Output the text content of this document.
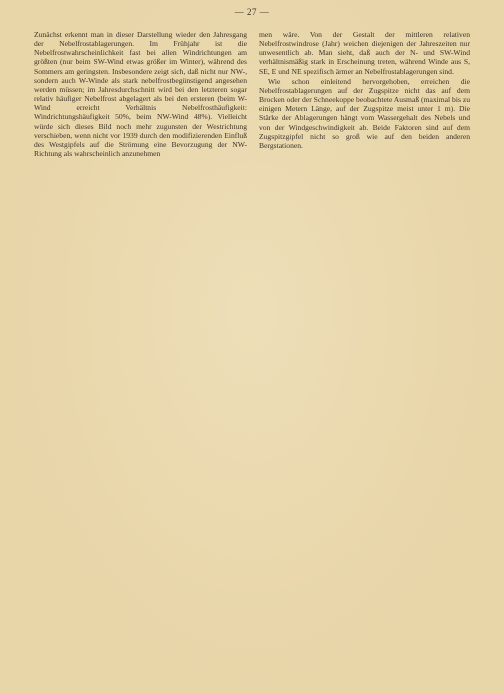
— 27 —

Zunächst erkennt man in dieser Darstellung wieder den Jahresgang der Nebelfrostablagerungen. Im Frühjahr ist die Nebelfrostwahrscheinlichkeit fast bei allen Windrichtungen am größten (nur beim SW-Wind etwas größer im Winter), während des Sommers am geringsten. Insbesondere zeigt sich, daß nicht nur NW-, sondern auch W-Winde als stark nebelfrostbegünstigend angesehen werden müssen; im Jahresdurchschnitt wird bei den letzteren sogar relativ häufiger Nebelfrost abgelagert als bei den ersteren (beim W-Wind erreicht Verhältnis Nebelfrosthäufigkeit: Windrichtungshäufigkeit 50%, beim NW-Wind 48%). Vielleicht würde sich dieses Bild noch mehr zugunsten der Westrichtung verschieben, wenn nicht vor 1939 durch den modifizierenden Einfluß des Westgipfels auf die Strömung eine Bevorzugung der NW-Richtung als wahrscheinlich anzunehmen

men wäre. Von der Gestalt der mittleren relativen Nebelfrostwindrose (Jahr) weichen diejenigen der Jahreszeiten nur unwesentlich ab. Man sieht, daß auch der N- und SW-Wind verhältnismäßig stark in Erscheinung treten, während Winde aus S, SE, E und NE spezifisch ärmer an Nebelfrostablagerungen sind.

Wie schon einleitend hervorgehoben, erreichen die Nebelfrostablagerungen auf der Zugspitze nicht das auf dem Brocken oder der Schneekoppe beobachtete Ausmaß (maximal bis zu einigen Metern Länge, auf der Zugspitze meist unter 1 m). Die Stärke der Ablagerungen hängt vom Wassergehalt des Nebels und von der Windgeschwindigkeit ab. Beide Faktoren sind auf dem Zugspitzgipfel nicht so groß wie auf den beiden anderen Bergstationen.
